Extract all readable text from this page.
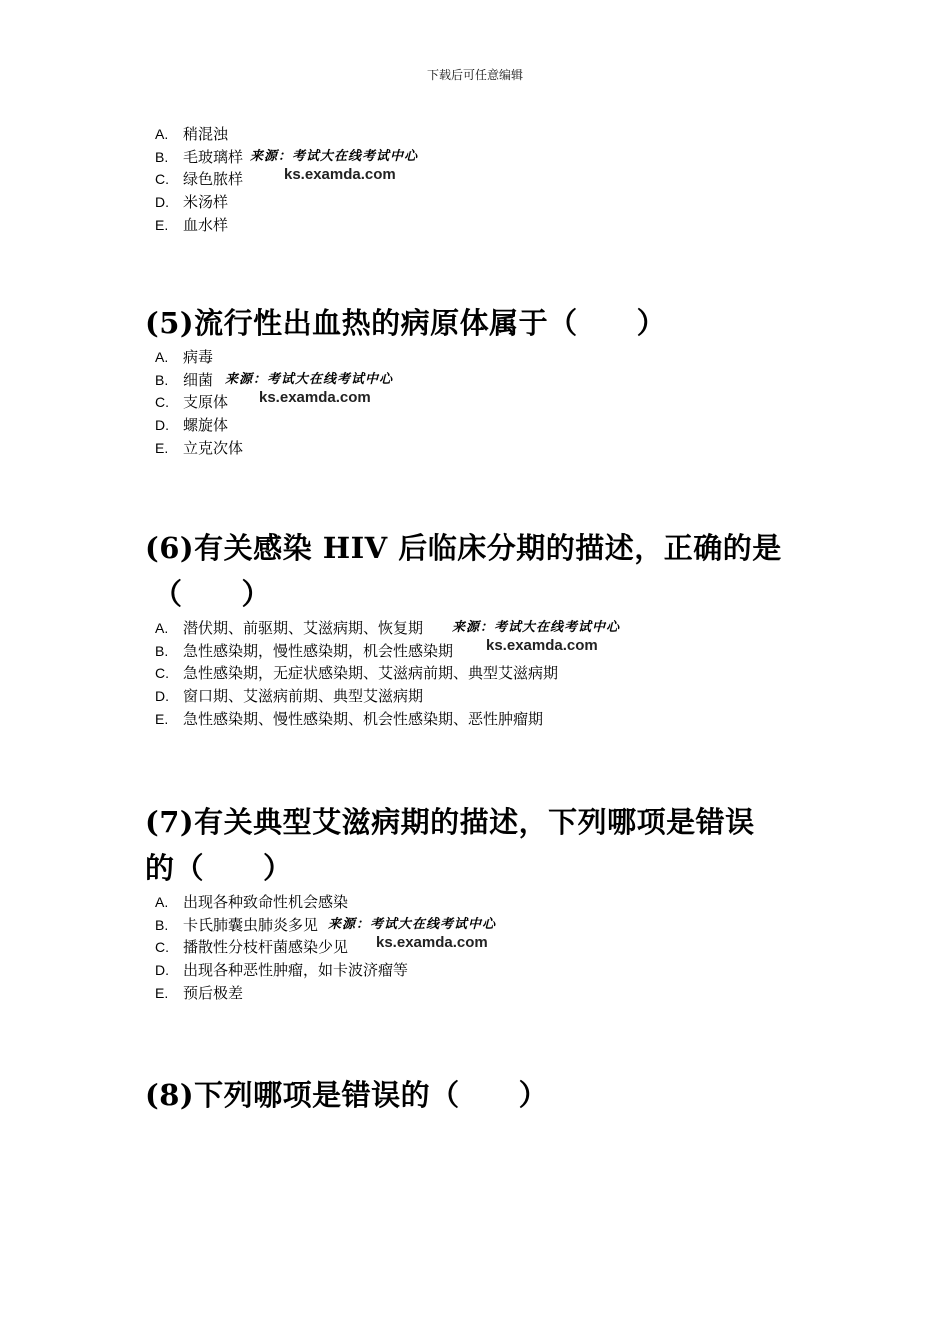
下载后可任意编辑
A. 稍混浊
B. 毛玻璃样 来源：考试大在线考试中心
ks.examda.com
C. 绿色脓样
D. 米汤样
E. 血水样
(5)流行性出血热的病原体属于（　　）
A. 病毒
B. 细菌 来源：考试大在线考试中心
ks.examda.com
C. 支原体
D. 螺旋体
E. 立克次体
(6)有关感染 HIV 后临床分期的描述，正确的是
（　　）
A. 潜伏期、前驱期、艾滋病期、恢复期 来源：考试大在线考试中心
ks.examda.com
B. 急性感染期，慢性感染期，机会性感染期
C. 急性感染期，无症状感染期、艾滋病前期、典型艾滋病期
D. 窗口期、艾滋病前期、典型艾滋病期
E. 急性感染期、慢性感染期、机会性感染期、恶性肿瘤期
(7)有关典型艾滋病期的描述，下列哪项是错误
的（　　）
A. 出现各种致命性机会感染
B. 卡氏肺囊虫肺炎多见 来源：考试大在线考试中心
ks.examda.com
C. 播散性分枝杆菌感染少见
D. 出现各种恶性肿瘤，如卡波济瘤等
E. 预后极差
(8)下列哪项是错误的（　　）
